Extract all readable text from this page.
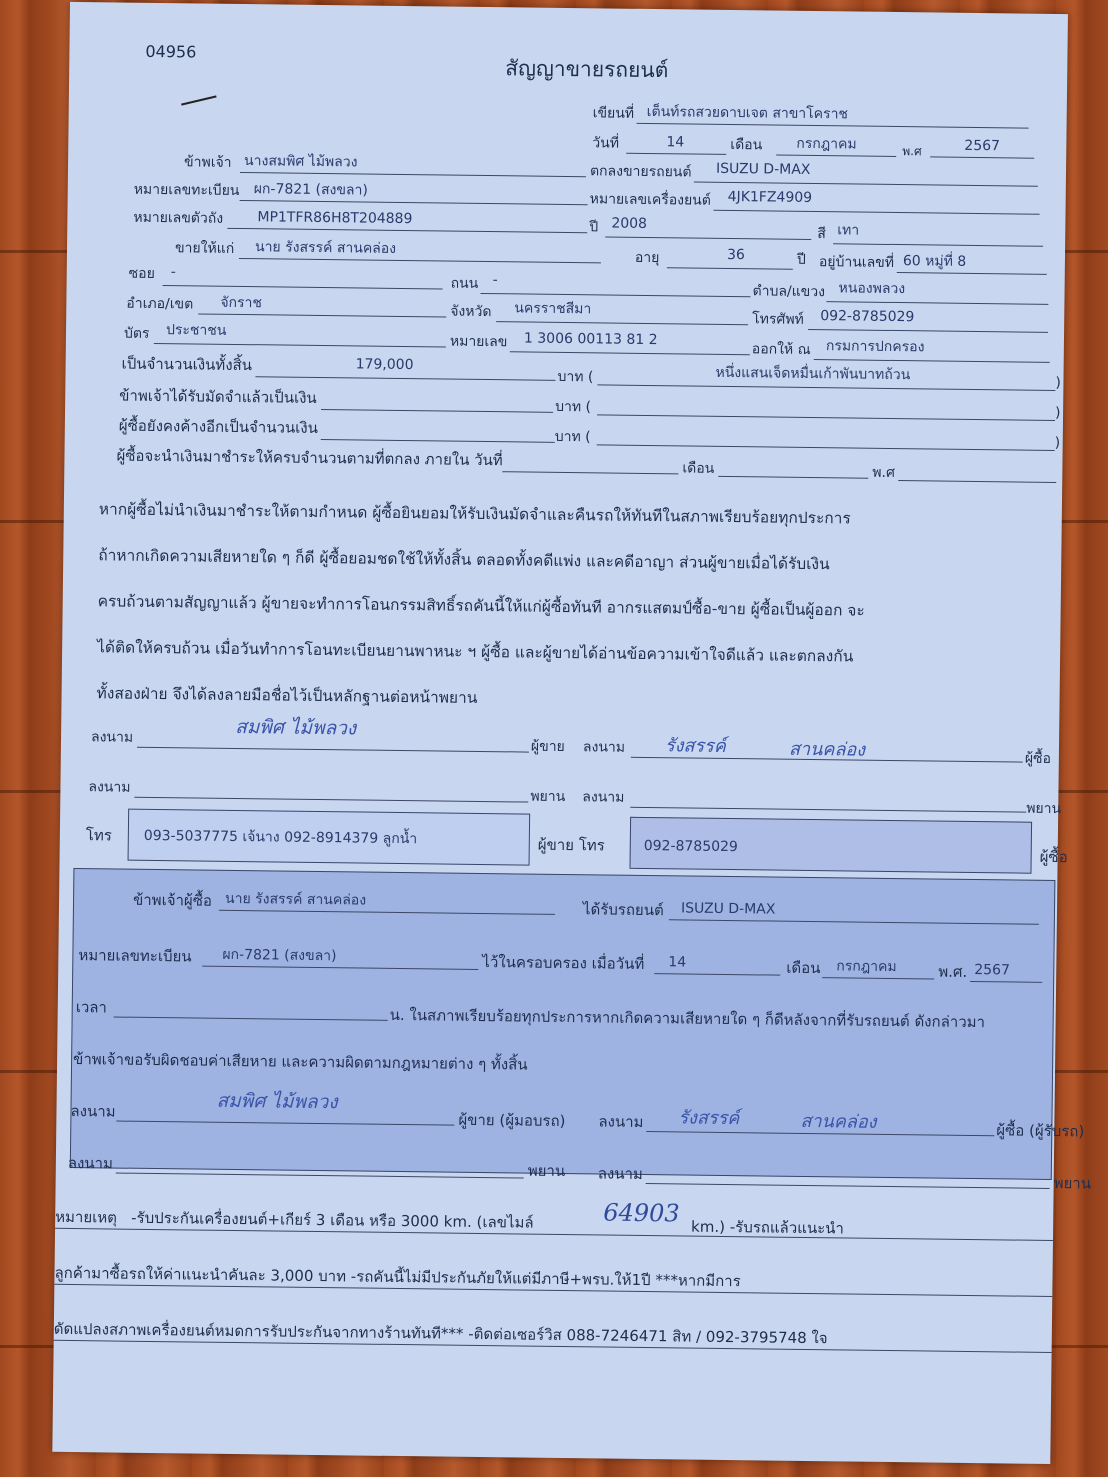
04956
สัญญาขายรถยนต์
เขียนที่ เต็นท์รถสวยดาบเจต สาขาโคราช
วันที่	14	เดือน กรกฎาคม	พ.ศ	2567
ข้าพเจ้า นางสมพิศ ไม้พลวง
ตกลงขายรถยนต์ ISUZU D-MAX
หมายเลขทะเบียน ผก-7821 (สงขลา)
หมายเลขเครื่องยนต์ 4JK1FZ4909
หมายเลขตัวถัง MP1TFR86H8T204889
ปี 2008
สี เทา
ขายให้แก่ นาย รังสรรค์ สานคล่อง
อายุ	36	ปี อยู่บ้านเลขที่ 60 หมู่ที่ 8
ซอย -
ถนน -
ตำบล/แขวง หนองพลวง
อำเภอ/เขต จักราช
จังหวัด นครราชสีมา
โทรศัพท์ 092-8785029
บัตร ประชาชน
หมายเลข 1 3006 00113 81 2
ออกให้ ณ กรมการปกครอง
เป็นจำนวนเงินทั้งสิ้น	179,000
บาท (	หนึ่งแสนเจ็ดหมื่นเก้าพันบาทถ้วน	)
ข้าพเจ้าได้รับมัดจำแล้วเป็นเงิน
บาท (	)
ผู้ซื้อยังคงค้างอีกเป็นจำนวนเงิน
บาท (	)
ผู้ซื้อจะนำเงินมาชำระให้ครบจำนวนตามที่ตกลง ภายใน วันที่	เดือน	พ.ศ
หากผู้ซื้อไม่นำเงินมาชำระให้ตามกำหนด ผู้ซื้อยินยอมให้รับเงินมัดจำและคืนรถให้ทันทีในสภาพเรียบร้อยทุกประการ
ถ้าหากเกิดความเสียหายใด ๆ ก็ดี ผู้ซื้อยอมชดใช้ให้ทั้งสิ้น ตลอดทั้งคดีแพ่ง และคดีอาญา ส่วนผู้ขายเมื่อได้รับเงิน
ครบถ้วนตามสัญญาแล้ว ผู้ขายจะทำการโอนกรรมสิทธิ์รถคันนี้ให้แก่ผู้ซื้อทันที อากรแสตมป์ซื้อ-ขาย ผู้ซื้อเป็นผู้ออก จะ
ได้ติดให้ครบถ้วน เมื่อวันทำการโอนทะเบียนยานพาหนะ ฯ ผู้ซื้อ และผู้ขายได้อ่านข้อความเข้าใจดีแล้ว และตกลงกัน
ทั้งสองฝ่าย จึงได้ลงลายมือชื่อไว้เป็นหลักฐานต่อหน้าพยาน
ลงนาม	สมพิศ ไม้พลวง
ผู้ขาย ลงนาม รังสรรค์	สานคล่อง	ผู้ซื้อ
ลงนาม
พยาน ลงนาม
พยาน
โทร 093-5037775 เจ้นาง 092-8914379 ลูกน้ำ	ผู้ขาย โทร	092-8785029
ผู้ซื้อ
ข้าพเจ้าผู้ซื้อ นาย รังสรรค์ สานคล่อง
ได้รับรถยนต์ ISUZU D-MAX
หมายเลขทะเบียน ผก-7821 (สงขลา)	ไว้ในครอบครอง เมื่อวันที่ 14	เดือน กรกฎาคม	พ.ศ. 2567
เวลา	น. ในสภาพเรียบร้อยทุกประการหากเกิดความเสียหายใด ๆ ก็ดีหลังจากที่รับรถยนต์ ดังกล่าวมา
ข้าพเจ้าขอรับผิดชอบค่าเสียหาย และความผิดตามกฎหมายต่าง ๆ ทั้งสิ้น
ลงนาม	สมพิศ ไม้พลวง
ผู้ขาย (ผู้มอบรถ) ลงนาม รังสรรค์	สานคล่อง	ผู้ซื้อ (ผู้รับรถ)
ลงนาม	พยาน ลงนาม
พยาน
หมายเหตุ -รับประกันเครื่องยนต์+เกียร์ 3 เดือน หรือ 3000 km. (เลขไมล์	64903
km.) -รับรถแล้วแนะนำ
ลูกค้ามาซื้อรถให้ค่าแนะนำคันละ 3,000 บาท -รถคันนี้ไม่มีประกันภัยให้แต่มีภาษี+พรบ.ให้1ปี ***หากมีการ
ดัดแปลงสภาพเครื่องยนต์หมดการรับประกันจากทางร้านทันที*** -ติดต่อเซอร์วิส 088-7246471 สิท / 092-3795748 ใจ
